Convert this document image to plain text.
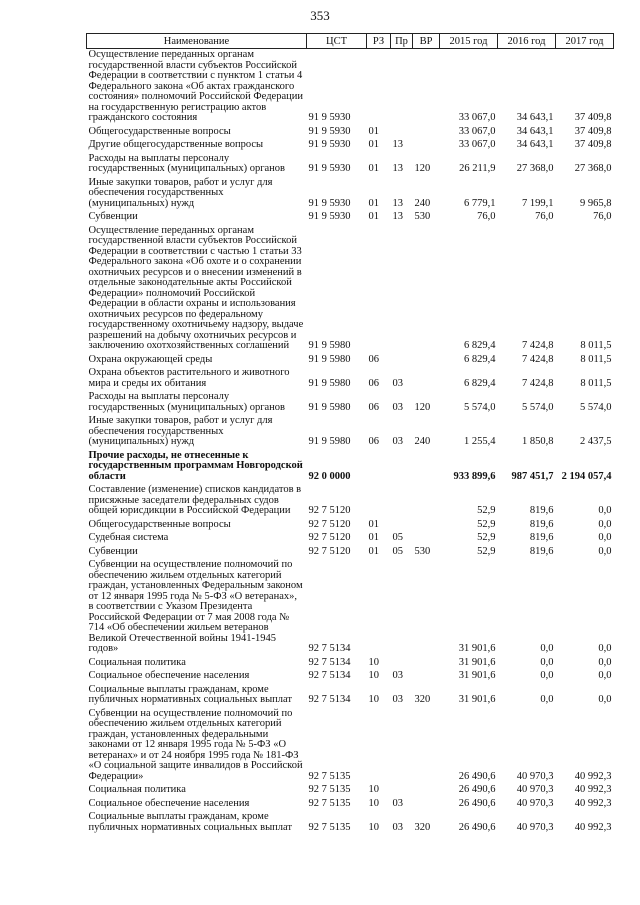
353
Наименование	ЦСТ	РЗ	Пр	ВР	2015 год	2016 год	2017 год
Осуществление переданных органам государственной власти субъектов Российской Федерации в соответствии с пунктом 1 статьи 4 Федерального закона «Об актах гражданского состояния» полномочий Российской Федерации на государственную регистрацию актов гражданского состояния	91 9 5930				33 067,0	34 643,1	37 409,8
Общегосударственные вопросы	91 9 5930	01			33 067,0	34 643,1	37 409,8
Другие общегосударственные вопросы	91 9 5930	01	13		33 067,0	34 643,1	37 409,8
Расходы на выплаты персоналу государственных (муниципальных) органов	91 9 5930	01	13	120	26 211,9	27 368,0	27 368,0
Иные закупки товаров, работ и услуг для обеспечения государственных (муниципальных) нужд	91 9 5930	01	13	240	6 779,1	7 199,1	9 965,8
Субвенции	91 9 5930	01	13	530	76,0	76,0	76,0
Осуществление переданных органам государственной власти субъектов Российской Федерации в соответствии с частью 1 статьи 33 Федерального закона «Об охоте и о сохранении охотничьих ресурсов и о внесении изменений в отдельные законодательные акты Российской Федерации» полномочий Российской Федерации в области охраны и использования охотничьих ресурсов по федеральному государственному охотничьему надзору, выдаче разрешений на добычу охотничьих ресурсов и заключению охотхозяйственных соглашений	91 9 5980				6 829,4	7 424,8	8 011,5
Охрана окружающей среды	91 9 5980	06			6 829,4	7 424,8	8 011,5
Охрана объектов растительного и животного мира и среды их обитания	91 9 5980	06	03		6 829,4	7 424,8	8 011,5
Расходы на выплаты персоналу государственных (муниципальных) органов	91 9 5980	06	03	120	5 574,0	5 574,0	5 574,0
Иные закупки товаров, работ и услуг для обеспечения государственных (муниципальных) нужд	91 9 5980	06	03	240	1 255,4	1 850,8	2 437,5
Прочие расходы, не отнесенные к государственным программам Новгородской области	92 0 0000				933 899,6	987 451,7	2 194 057,4
Составление (изменение) списков кандидатов в присяжные заседатели федеральных судов общей юрисдикции в Российской Федерации	92 7 5120				52,9	819,6	0,0
Общегосударственные вопросы	92 7 5120	01			52,9	819,6	0,0
Судебная система	92 7 5120	01	05		52,9	819,6	0,0
Субвенции	92 7 5120	01	05	530	52,9	819,6	0,0
Субвенции на осуществление полномочий по обеспечению жильем отдельных категорий граждан, установленных Федеральным законом от 12 января 1995 года № 5-ФЗ «О ветеранах», в соответствии с Указом Президента Российской Федерации от 7 мая 2008 года № 714 «Об обеспечении жильем ветеранов Великой Отечественной войны 1941-1945 годов»	92 7 5134				31 901,6	0,0	0,0
Социальная политика	92 7 5134	10			31 901,6	0,0	0,0
Социальное обеспечение населения	92 7 5134	10	03		31 901,6	0,0	0,0
Социальные выплаты гражданам, кроме публичных нормативных социальных выплат	92 7 5134	10	03	320	31 901,6	0,0	0,0
Субвенции на осуществление полномочий по обеспечению жильем отдельных категорий граждан, установленных федеральными законами от 12 января 1995 года № 5-ФЗ «О ветеранах» и от 24 ноября 1995 года № 181-ФЗ «О социальной защите инвалидов в Российской Федерации»	92 7 5135				26 490,6	40 970,3	40 992,3
Социальная политика	92 7 5135	10			26 490,6	40 970,3	40 992,3
Социальное обеспечение населения	92 7 5135	10	03		26 490,6	40 970,3	40 992,3
Социальные выплаты гражданам, кроме публичных нормативных социальных выплат	92 7 5135	10	03	320	26 490,6	40 970,3	40 992,3
